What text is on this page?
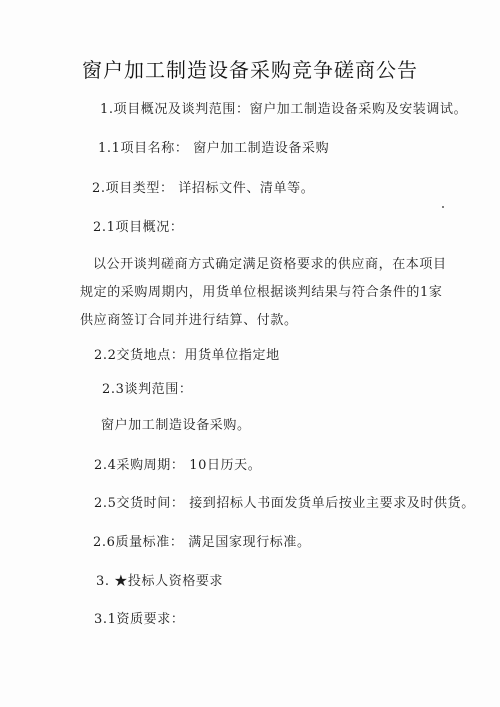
窗户加工制造设备采购竞争磋商公告
1.项目概况及谈判范围：窗户加工制造设备采购及安装调试。
1.1项目名称： 窗户加工制造设备采购
2.项目类型： 详招标文件、清单等。
2.1项目概况：
以公开谈判磋商方式确定满足资格要求的供应商，在本项目规定的采购周期内，用货单位根据谈判结果与符合条件的1家供应商签订合同并进行结算、付款。
2.2交货地点：用货单位指定地
2.3谈判范围：
窗户加工制造设备采购。
2.4采购周期： 10日历天。
2.5交货时间： 接到招标人书面发货单后按业主要求及时供货。
2.6质量标准： 满足国家现行标准。
3. ★投标人资格要求
3.1资质要求：
